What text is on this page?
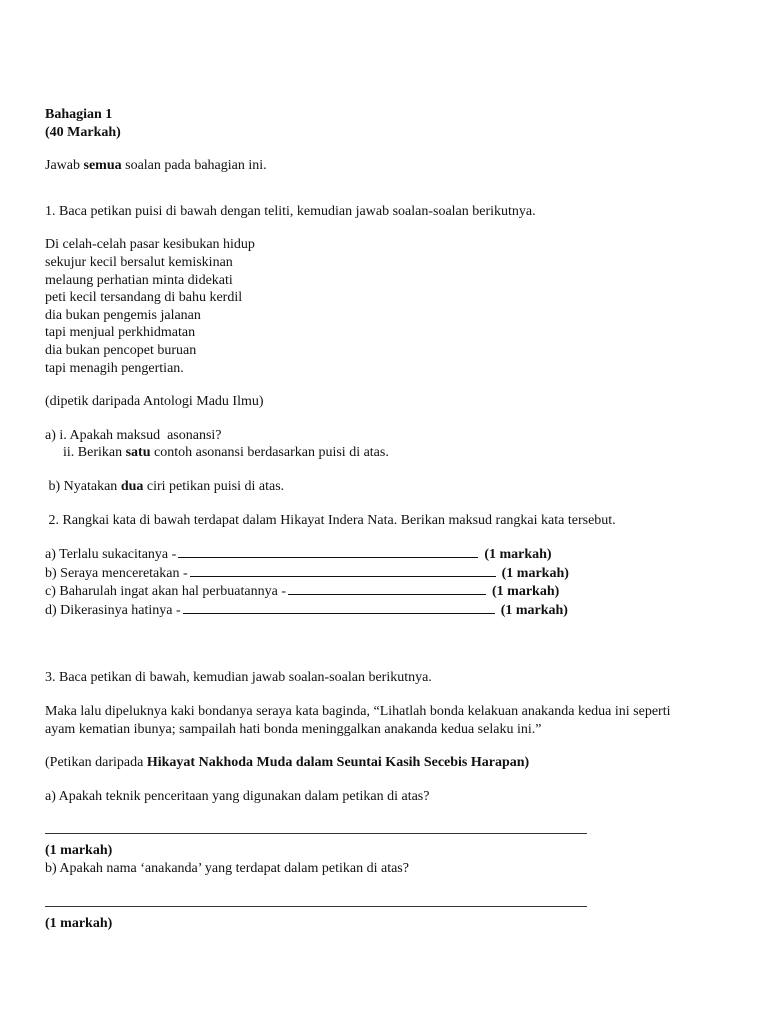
Bahagian 1
(40 Markah)
Jawab semua soalan pada bahagian ini.
1. Baca petikan puisi di bawah dengan teliti, kemudian jawab soalan-soalan berikutnya.
Di celah-celah pasar kesibukan hidup
sekujur kecil bersalut kemiskinan
melaung perhatian minta didekati
peti kecil tersandang di bahu kerdil
dia bukan pengemis jalanan
tapi menjual perkhidmatan
dia bukan pencopet buruan
tapi menagih pengertian.
(dipetik daripada Antologi Madu Ilmu)
a) i. Apakah maksud  asonansi?
ii. Berikan satu contoh asonansi berdasarkan puisi di atas.
b) Nyatakan dua ciri petikan puisi di atas.
2. Rangkai kata di bawah terdapat dalam Hikayat Indera Nata. Berikan maksud rangkai kata tersebut.
a) Terlalu sukacitanya -	(1 markah)
b) Seraya menceretakan -	(1 markah)
c) Baharulah ingat akan hal perbuatannya -	(1 markah)
d) Dikerasinya hatinya -	(1 markah)
3. Baca petikan di bawah, kemudian jawab soalan-soalan berikutnya.
Maka lalu dipeluknya kaki bondanya seraya kata baginda, “Lihatlah bonda kelakuan anakanda kedua ini seperti
ayam kematian ibunya; sampailah hati bonda meninggalkan anakanda kedua selaku ini.”
(Petikan daripada Hikayat Nakhoda Muda dalam Seuntai Kasih Secebis Harapan)
a) Apakah teknik penceritaan yang digunakan dalam petikan di atas?
(1 markah)
b) Apakah nama ‘anakanda’ yang terdapat dalam petikan di atas?
(1 markah)
